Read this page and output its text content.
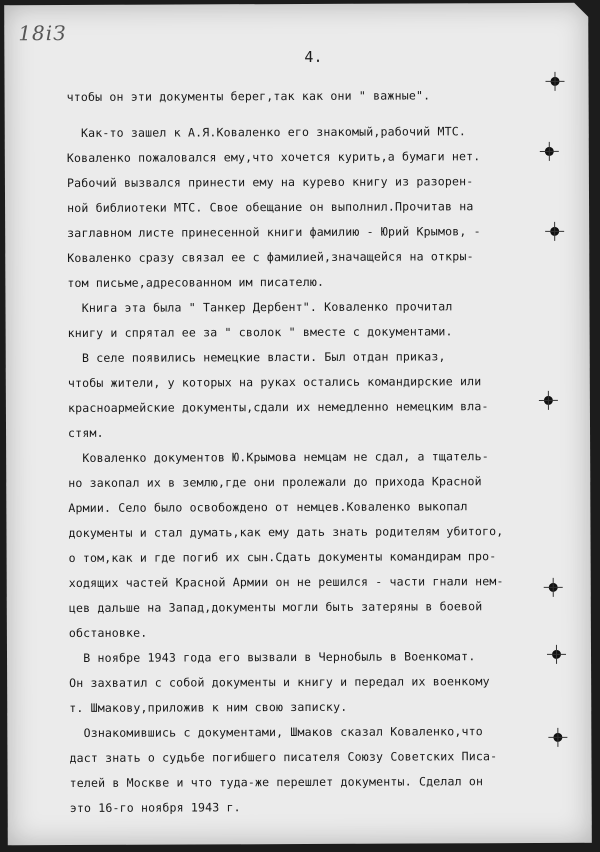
18іЗ
4.
чтобы он эти документы берег,так как они " важные".
Как-то зашел к А.Я.Коваленко его знакомый,рабочий МТС.
Коваленко пожаловался ему,что хочется курить,а бумаги нет.
Рабочий вызвался принести ему на курево книгу из разорен-
ной библиотеки МТС. Свое обещание он выполнил.Прочитав на
заглавном листе принесенной книги фамилию - Юрий Крымов, -
Коваленко сразу связал ее с фамилией,значащейся на откры-
том письме,адресованном им писателю.
Книга эта была " Танкер Дербент". Коваленко прочитал
книгу и спрятал ее за " сволок " вместе с документами.
В селе появились немецкие власти. Был отдан приказ,
чтобы жители, у которых на руках остались командирские или
красноармейские документы,сдали их немедленно немецким вла-
стям.
Коваленко документов Ю.Крымова немцам не сдал, а тщатель-
но закопал их в землю,где они пролежали до прихода Красной
Армии. Село было освобождено от немцев.Коваленко выкопал
документы и стал думать,как ему дать знать родителям убитого,
о том,как и где погиб их сын.Сдать документы командирам про-
ходящих частей Красной Армии он не решился - части гнали нем-
цев дальше на Запад,документы могли быть затеряны в боевой
обстановке.
В ноябре 1943 года его вызвали в Чернобыль в Военкомат.
Он захватил с собой документы и книгу и передал их военкому
т. Шмакову,приложив к ним свою записку.
Ознакомившись с документами, Шмаков сказал Коваленко,что
даст знать о судьбе погибшего писателя Союзу Советских Писа-
телей в Москве и что туда-же перешлет документы. Сделал он
это 16-го ноября 1943 г.
